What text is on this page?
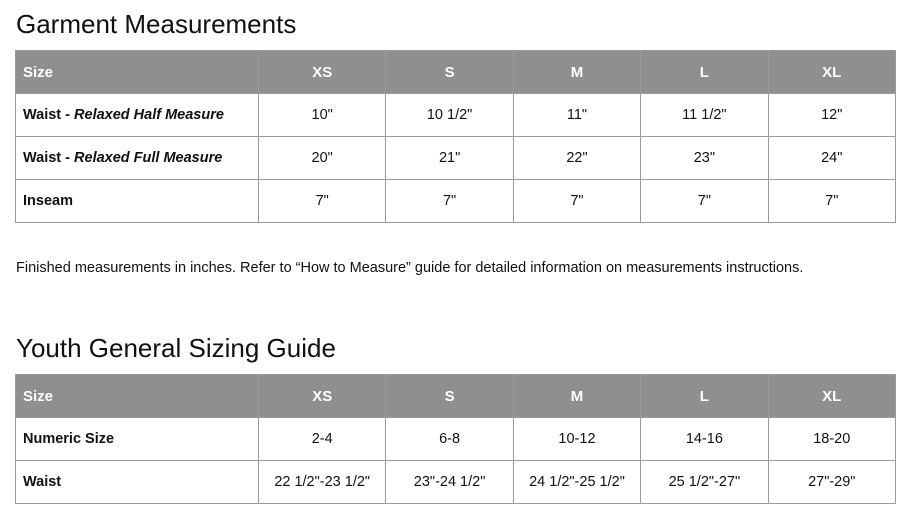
Garment Measurements
Size	XS	S	M	L	XL
Waist - Relaxed Half Measure	10"	10 1/2"	11"	11 1/2"	12"
Waist - Relaxed Full Measure	20"	21"	22"	23"	24"
Inseam	7"	7"	7"	7"	7"

Finished measurements in inches. Refer to “How to Measure” guide for detailed information on measurements instructions.

Youth General Sizing Guide
Size	XS	S	M	L	XL
Numeric Size	2-4	6-8	10-12	14-16	18-20
Waist	22 1/2"-23 1/2"	23"-24 1/2"	24 1/2"-25 1/2"	25 1/2"-27"	27"-29"
